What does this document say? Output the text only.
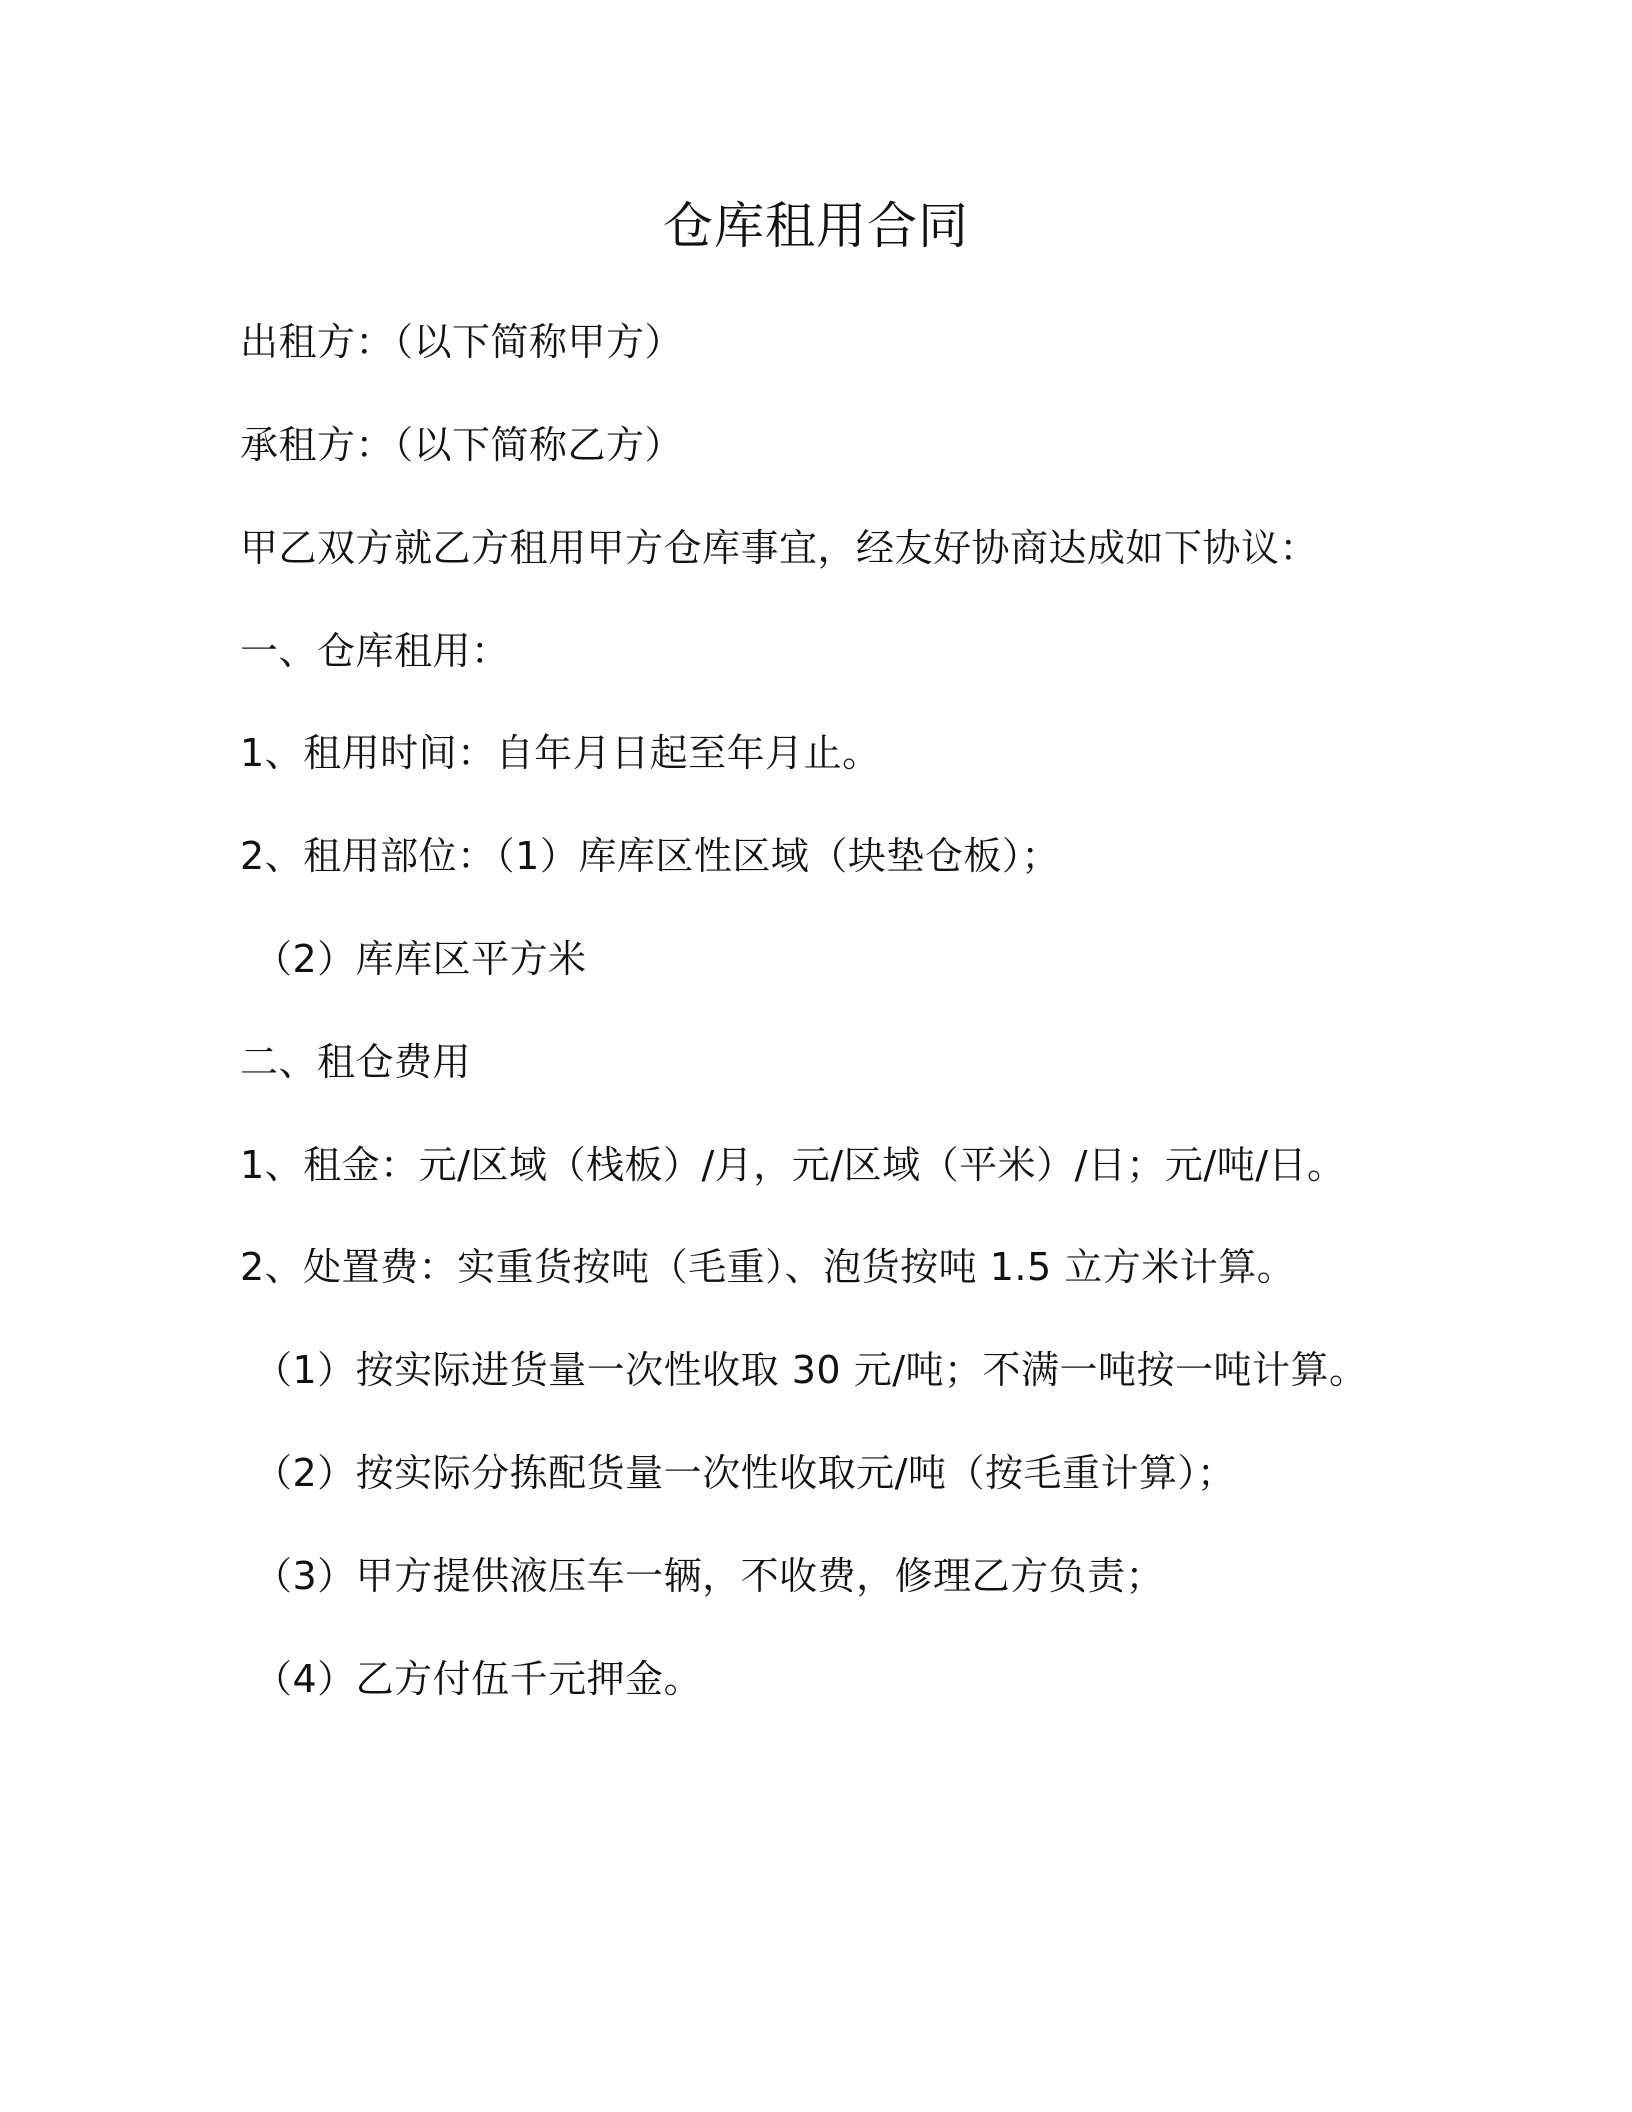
仓库租用合同
出租方：（以下简称甲方）
承租方：（以下简称乙方）
甲乙双方就乙方租用甲方仓库事宜，经友好协商达成如下协议：
一、仓库租用：
1、租用时间：自年月日起至年月止。
2、租用部位：（1）库库区性区域（块垫仓板）；
（2）库库区平方米
二、租仓费用
1、租金：元/区域（栈板）/月，元/区域（平米）/日；元/吨/日。
2、处置费：实重货按吨（毛重）、泡货按吨 1.5 立方米计算。
（1）按实际进货量一次性收取 30 元/吨；不满一吨按一吨计算。
（2）按实际分拣配货量一次性收取元/吨（按毛重计算）；
（3）甲方提供液压车一辆，不收费，修理乙方负责；
（4）乙方付伍千元押金。
